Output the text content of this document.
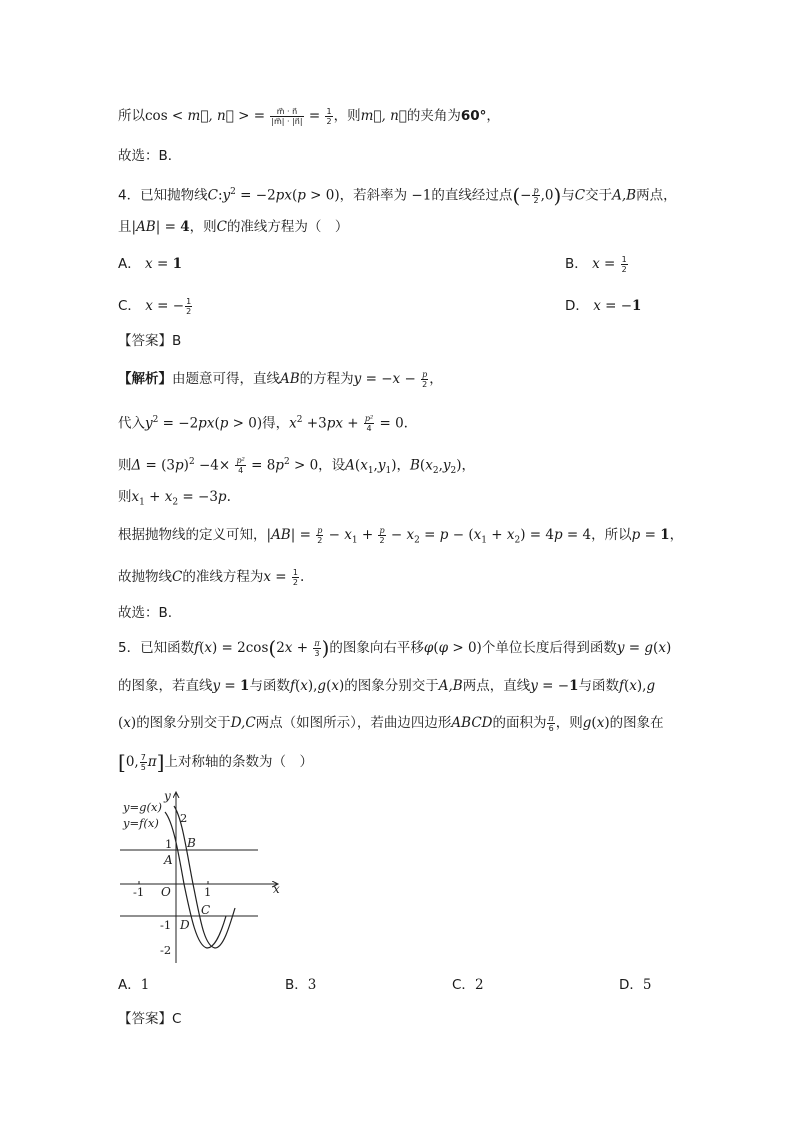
所以cos < m⃗, n⃗ > = $\frac{m⃗ \cdot n⃗}{|m⃗| \cdot |n⃗|} = \frac{1}{2}$ ，则m⃗, n⃗的夹角为60°，
故选：B．
4．已知抛物线$C:y^2 = -2px(p > 0)$，若斜率为 −1的直线经过点(− $\frac{p}{2} ,0$)与C交于A,B两点，
且|AB| = 4，则C的准线方程为（　）
A． x = 1	B． $x = \frac{1}{2}$
C． x = − $\frac{1}{2}$	D． x = −1
【答案】B
【解析】由题意可得，直线AB的方程为$y = -x - \frac{p}{2}$ ，
代入$y^2 = -2px(p > 0)$得，$x^2 +3px + \frac{\text{p²}}{4} = 0$.
则$\Delta = (3p)^2 -4\times \frac{\text{p²}}{4} = 8p^2 > 0$，设$A(x_1,y_1)$，$B(x_2,y_2)$，
则$x_1 + x_2 = -3p$.
根据抛物线的定义可知，$|AB| = \frac{p}{2} - x_1 + \frac{p}{2} - x_2 = p - (x_1 + x_2) = 4p = 4$，所以p = 1，
故抛物线C的准线方程为$x = \frac{1}{2}$ .
故选：B.
5．已知函数$f(x) = 2\cos(2x + \frac{\pi}{3}$ )的图象向右平移φ(φ > 0)个单位长度后得到函数y = g(x)
的图象，若直线y = 1与函数f(x),g(x)的图象分别交于A,B两点，直线y = −1与函数f(x),g
(x)的图象分别交于D,C两点（如图所示），若曲边四边形ABCD的面积为 $\frac{\pi}{6}$ ，则g(x)的图象在
[0, $\frac{7}{5} \pi$]上对称轴的条数为（　）
y=g(x)
y=f(x)
y
x
O
2
1
-1
-2
-1	1
A
B
C
D
A．1	B．3	C．2	D．5
【答案】C
